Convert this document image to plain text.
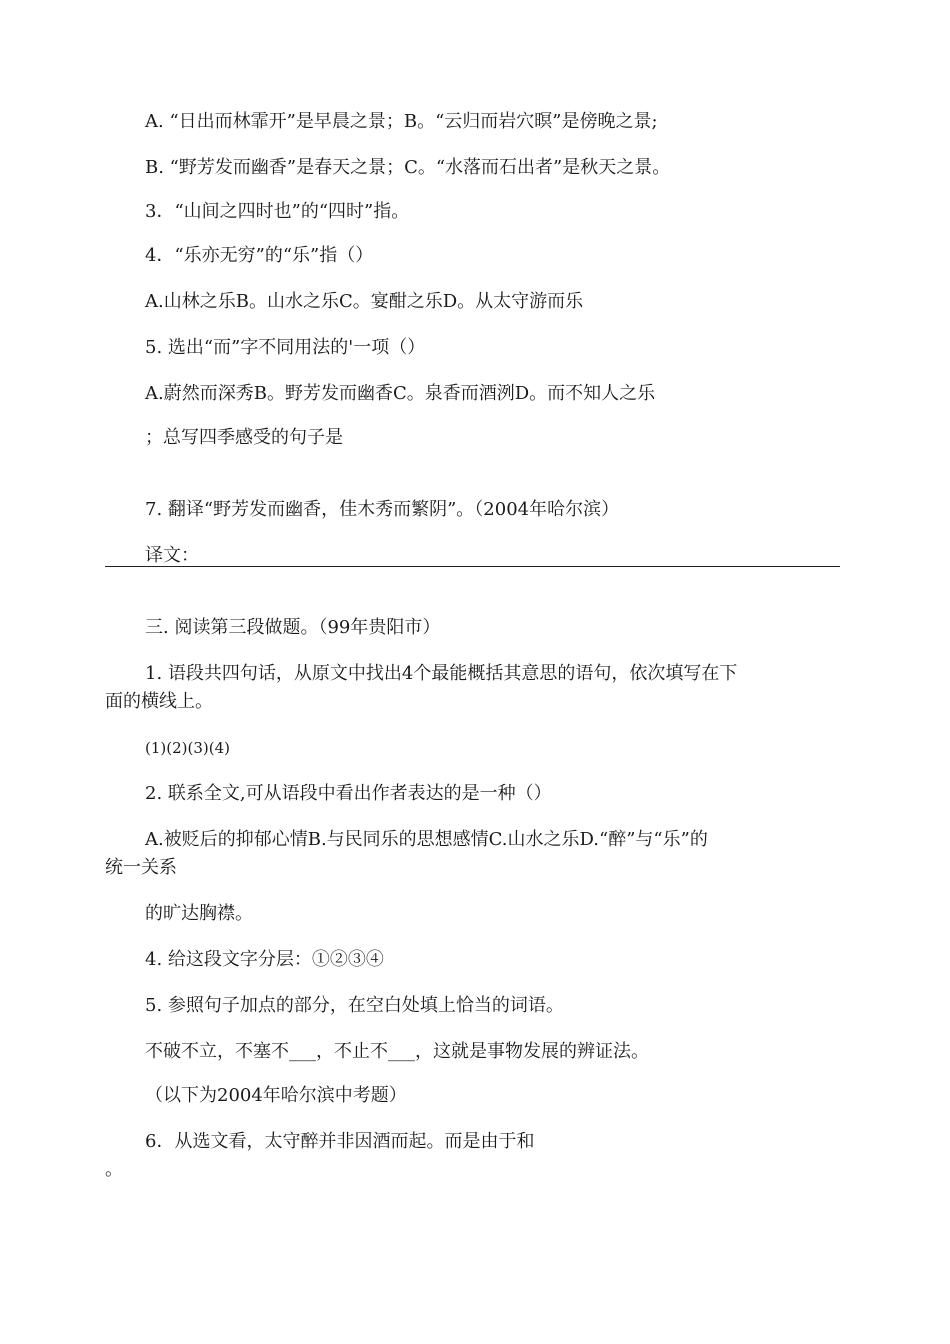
A. “日出而林霏开”是早晨之景；B。“云归而岩穴暝”是傍晚之景;
B. “野芳发而幽香”是春天之景；C。“水落而石出者”是秋天之景。
3．“山间之四时也”的“四时”指。
4．“乐亦无穷”的“乐”指（）
A.山林之乐B。山水之乐C。宴酣之乐D。从太守游而乐
5. 选出“而”字不同用法的'一项（）
A.蔚然而深秀B。野芳发而幽香C。泉香而酒洌D。而不知人之乐
；总写四季感受的句子是
7. 翻译“野芳发而幽香，佳木秀而繁阴”。（2004年哈尔滨）
译文：
三. 阅读第三段做题。（99年贵阳市）
1. 语段共四句话，从原文中找出4个最能概括其意思的语句，依次填写在下
面的横线上。
(1)(2)(3)(4)
2. 联系全文,可从语段中看出作者表达的是一种（）
A.被贬后的抑郁心情B.与民同乐的思想感情C.山水之乐D.“醉”与“乐”的
统一关系
的旷达胸襟。
4. 给这段文字分层：①②③④
5. 参照句子加点的部分，在空白处填上恰当的词语。
不破不立，不塞不___，不止不___，这就是事物发展的辨证法。
（以下为2004年哈尔滨中考题）
6．从选文看，太守醉并非因酒而起。而是由于和
。
